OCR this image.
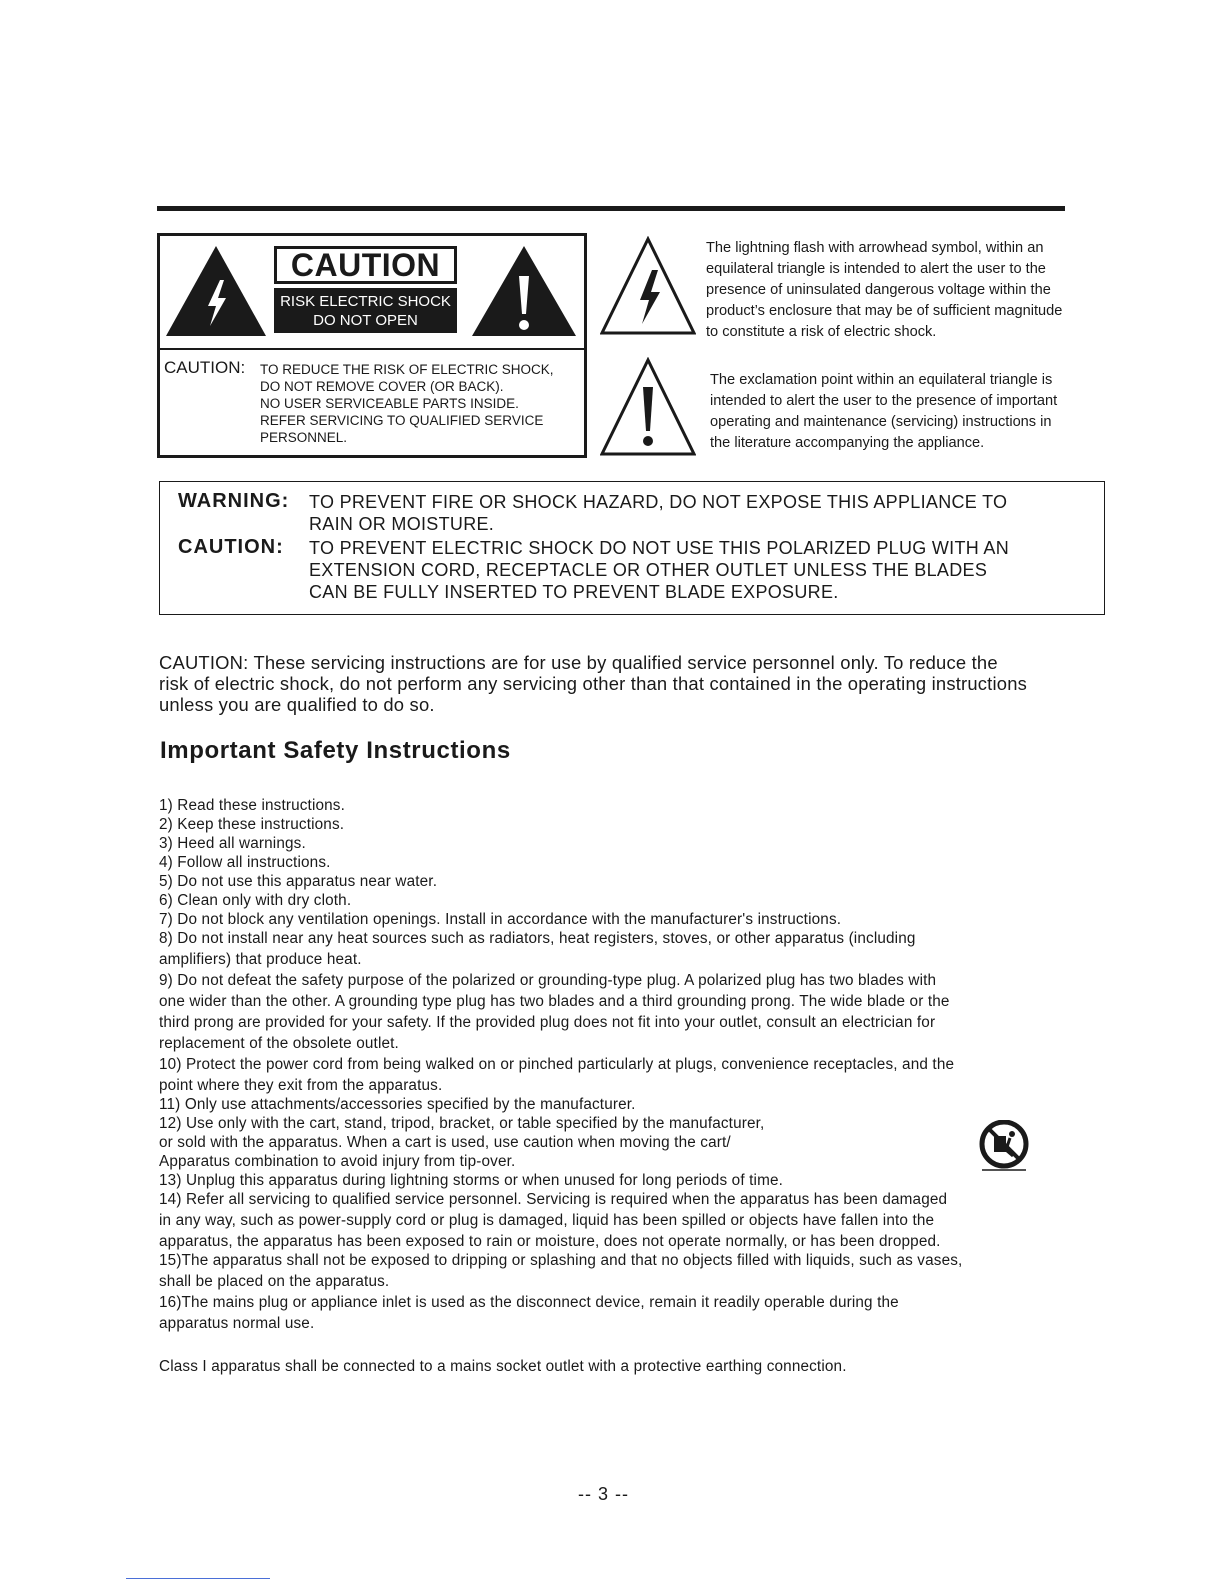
CAUTION
RISK ELECTRIC SHOCK
DO NOT OPEN
CAUTION: TO REDUCE THE RISK OF ELECTRIC SHOCK,
DO NOT REMOVE COVER (OR BACK).
NO USER SERVICEABLE PARTS INSIDE.
REFER SERVICING TO QUALIFIED SERVICE
PERSONNEL.
The lightning flash with arrowhead symbol, within an
equilateral triangle is intended to alert the user to the
presence of uninsulated dangerous voltage within the
product’s enclosure that may be of sufficient magnitude
to constitute a risk of electric shock.
The exclamation point within an equilateral triangle is
intended to alert the user to the presence of important
operating and maintenance (servicing) instructions in
the literature accompanying the appliance.
WARNING: TO PREVENT FIRE OR SHOCK HAZARD, DO NOT EXPOSE THIS APPLIANCE TO
RAIN OR MOISTURE.
CAUTION: TO PREVENT ELECTRIC SHOCK DO NOT USE THIS POLARIZED PLUG WITH AN
EXTENSION CORD, RECEPTACLE OR OTHER OUTLET UNLESS THE BLADES
CAN BE FULLY INSERTED TO PREVENT BLADE EXPOSURE.
CAUTION: These servicing instructions are for use by qualified service personnel only. To reduce the
risk of electric shock, do not perform any servicing other than that contained in the operating instructions
unless you are qualified to do so.
Important Safety Instructions
1) Read these instructions.
2) Keep these instructions.
3) Heed all warnings.
4) Follow all instructions.
5) Do not use this apparatus near water.
6) Clean only with dry cloth.
7) Do not block any ventilation openings. Install in accordance with the manufacturer's instructions.
8) Do not install near any heat sources such as radiators, heat registers, stoves, or other apparatus (including
amplifiers) that produce heat.
9) Do not defeat the safety purpose of the polarized or grounding-type plug. A polarized plug has two blades with
one wider than the other. A grounding type plug has two blades and a third grounding prong. The wide blade or the
third prong are provided for your safety. If the provided plug does not fit into your outlet, consult an electrician for
replacement of the obsolete outlet.
10) Protect the power cord from being walked on or pinched particularly at plugs, convenience receptacles, and the
point where they exit from the apparatus.
11) Only use attachments/accessories specified by the manufacturer.
12) Use only with the cart, stand, tripod, bracket, or table specified by the manufacturer,
or sold with the apparatus. When a cart is used, use caution when moving the cart/
Apparatus combination to avoid injury from tip-over.
13) Unplug this apparatus during lightning storms or when unused for long periods of time.
14) Refer all servicing to qualified service personnel. Servicing is required when the apparatus has been damaged
in any way, such as power-supply cord or plug is damaged, liquid has been spilled or objects have fallen into the
apparatus, the apparatus has been exposed to rain or moisture, does not operate normally, or has been dropped.
15)The apparatus shall not be exposed to dripping or splashing and that no objects filled with liquids, such as vases,
shall be placed on the apparatus.
16)The mains plug or appliance inlet is used as the disconnect device, remain it readily operable during the
apparatus normal use.
Class I apparatus shall be connected to a mains socket outlet with a protective earthing connection.
-- 3 --
